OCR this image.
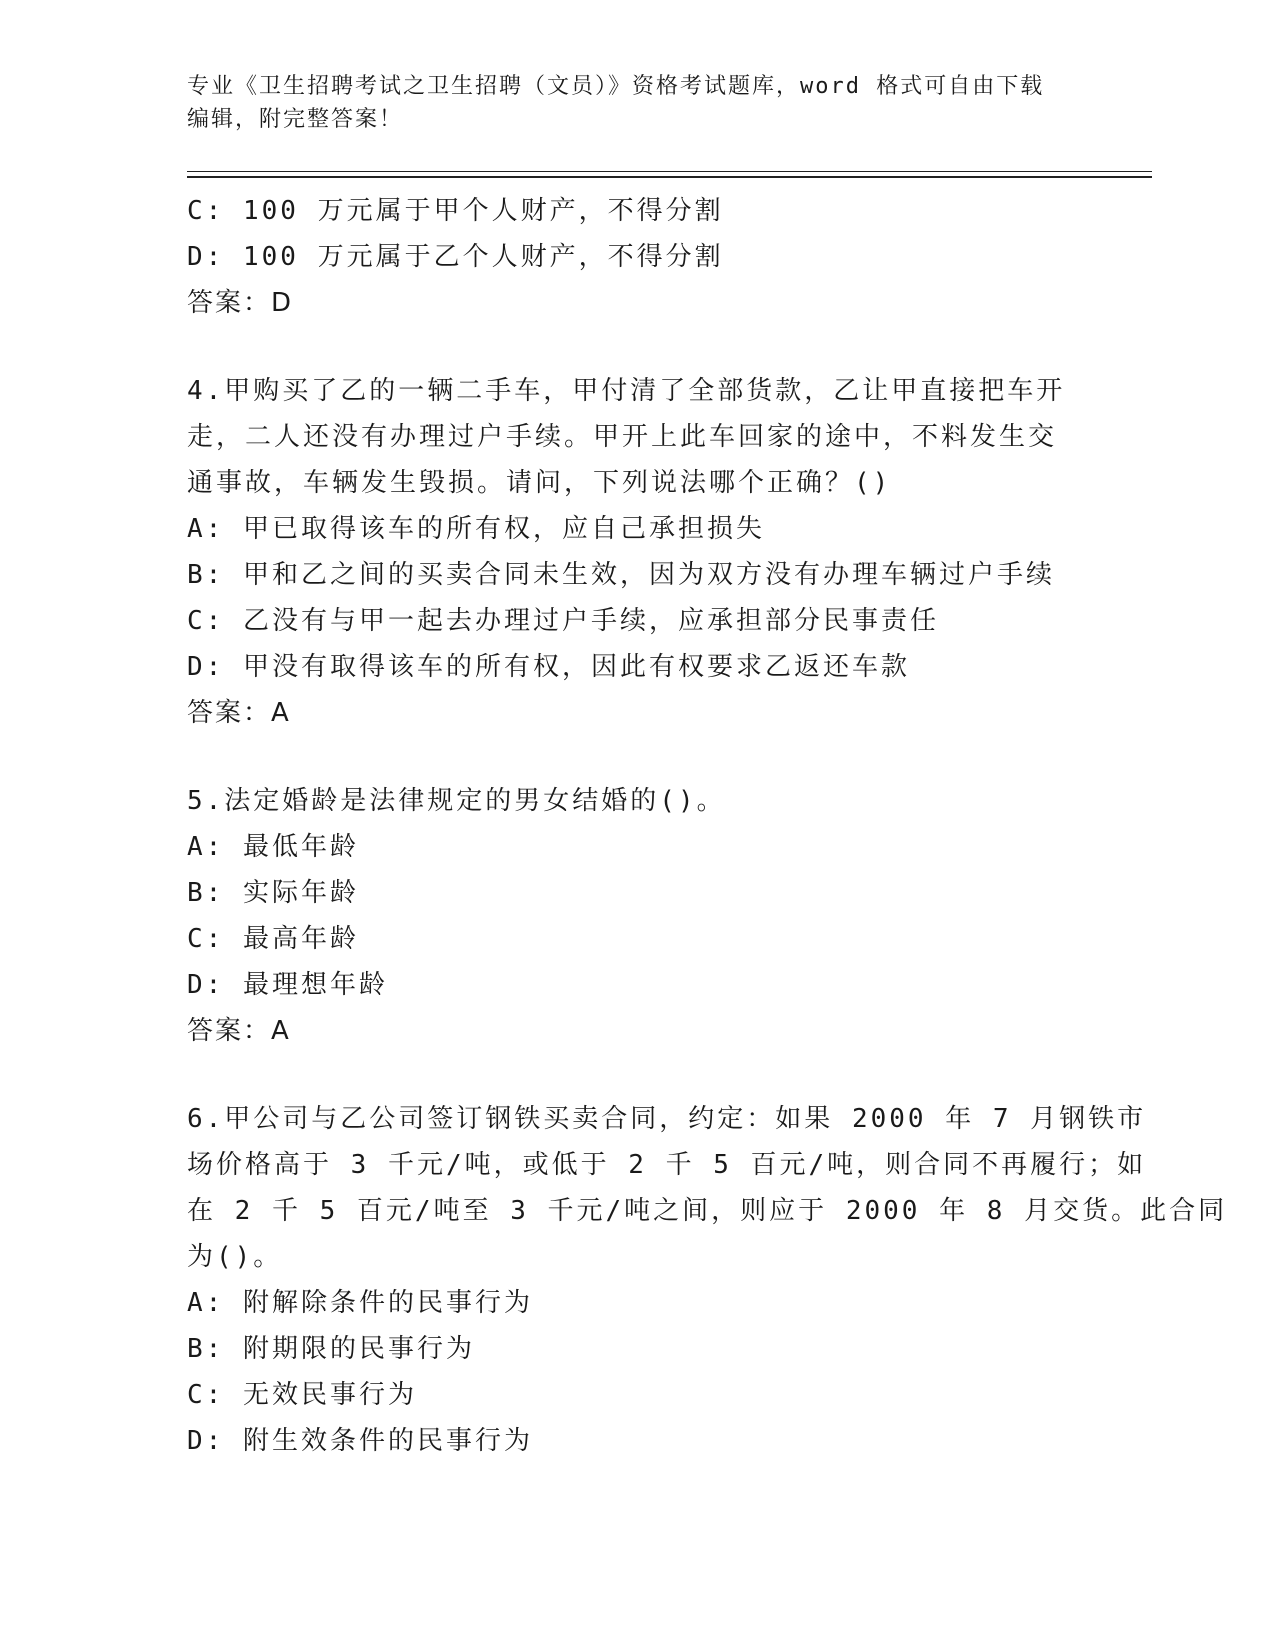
专业《卫生招聘考试之卫生招聘（文员）》资格考试题库，word 格式可自由下载
编辑，附完整答案！
C: 100 万元属于甲个人财产，不得分割
D: 100 万元属于乙个人财产，不得分割
答案：D
4.甲购买了乙的一辆二手车，甲付清了全部货款，乙让甲直接把车开
走，二人还没有办理过户手续。甲开上此车回家的途中，不料发生交
通事故，车辆发生毁损。请问，下列说法哪个正确？()
A: 甲已取得该车的所有权，应自己承担损失
B: 甲和乙之间的买卖合同未生效，因为双方没有办理车辆过户手续
C: 乙没有与甲一起去办理过户手续，应承担部分民事责任
D: 甲没有取得该车的所有权，因此有权要求乙返还车款
答案：A
5.法定婚龄是法律规定的男女结婚的()。
A: 最低年龄
B: 实际年龄
C: 最高年龄
D: 最理想年龄
答案：A
6.甲公司与乙公司签订钢铁买卖合同，约定：如果 2000 年 7 月钢铁市
场价格高于 3 千元/吨，或低于 2 千 5 百元/吨，则合同不再履行；如
在 2 千 5 百元/吨至 3 千元/吨之间，则应于 2000 年 8 月交货。此合同
为()。
A: 附解除条件的民事行为
B: 附期限的民事行为
C: 无效民事行为
D: 附生效条件的民事行为
